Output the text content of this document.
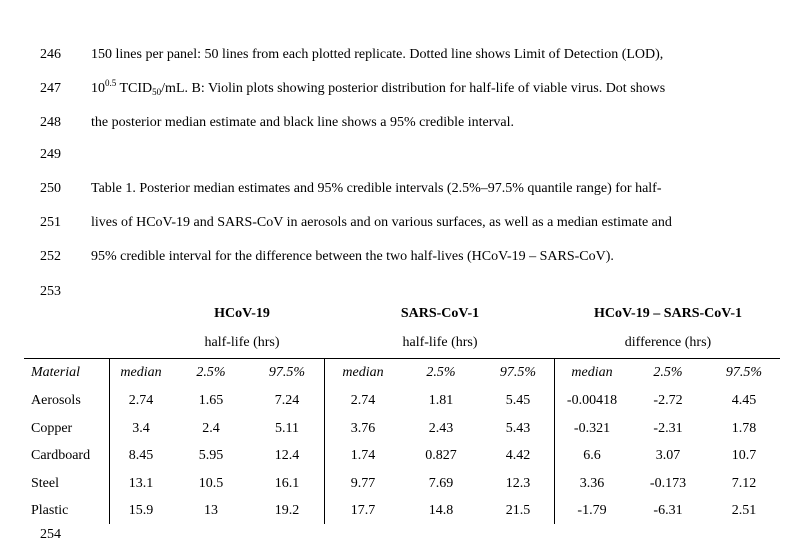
246	150 lines per panel: 50 lines from each plotted replicate. Dotted line shows Limit of Detection (LOD),
247	$10^{0.5}$ $TCID_{50}/mL$. B: Violin plots showing posterior distribution for half-life of viable virus. Dot shows
248	the posterior median estimate and black line shows a 95% credible interval.
249
250	Table 1. Posterior median estimates and 95% credible intervals (2.5%–97.5% quantile range) for half-
251	lives of HCoV-19 and SARS-CoV in aerosols and on various surfaces, as well as a median estimate and
252	95% credible interval for the difference between the two half-lives (HCoV-19 – SARS-CoV).
253
HCoV-19
half-life (hrs)
SARS-CoV-1
half-life (hrs)
HCoV-19 – SARS-CoV-1
difference (hrs)
Material	median	2.5%	97.5%	median	2.5%	97.5%	median	2.5%	97.5%
Aerosols	2.74	1.65	7.24	2.74	1.81	5.45	-0.00418	-2.72	4.45
Copper	3.4	2.4	5.11	3.76	2.43	5.43	-0.321	-2.31	1.78
Cardboard	8.45	5.95	12.4	1.74	0.827	4.42	6.6	3.07	10.7
Steel	13.1	10.5	16.1	9.77	7.69	12.3	3.36	-0.173	7.12
Plastic	15.9	13	19.2	17.7	14.8	21.5	-1.79	-6.31	2.51
254
